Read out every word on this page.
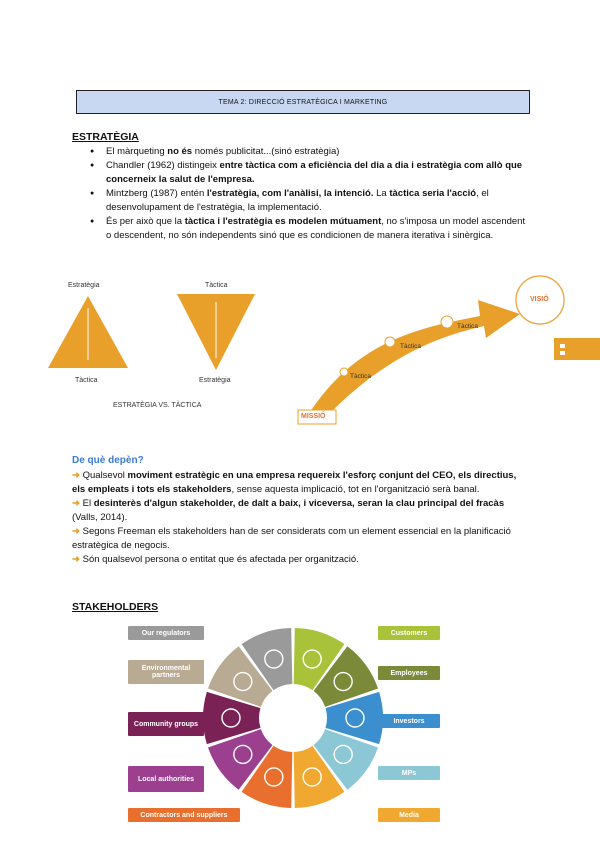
TEMA 2: DIRECCIÓ ESTRATÈGICA I MARKETING
ESTRATÈGIA
● El màrqueting no és només publicitat...(sinó estratègia)
● Chandler (1962) distingeix entre tàctica com a eficiència del dia a dia i estratègia com allò que concerneix la salut de l'empresa.
● Mintzberg (1987) entén l'estratègia, com l'anàlisi, la intenció. La tàctica seria l'acció, el desenvolupament de l'estratègia, la implementació.
● És per això que la tàctica i l'estratègia es modelen mútuament, no s'imposa un model ascendent o descendent, no són independents sinó que es condicionen de manera iterativa i sinèrgica.
Estratègia
Tàctica
Tàctica
Estratègia
ESTRATÈGIA VS. TÀCTICA
MISSIÓ
VISIÓ
ESTRATÈGIA
Tàctica
Tàctica
Tàctica
De què depèn?
➜ Qualsevol moviment estratègic en una empresa requereix l'esforç conjunt del CEO, els directius, els empleats i tots els stakeholders, sense aquesta implicació, tot en l'organització serà banal.
➜ El desinterès d'algun stakeholder, de dalt a baix, i viceversa, seran la clau principal del fracàs (Valls, 2014).
➜ Segons Freeman els stakeholders han de ser considerats com un element essencial en la planificació estratègica de negocis.
➜ Són qualsevol persona o entitat que és afectada per organització.
STAKEHOLDERS
Our regulators
Environmental partners
Community groups
Local authorities
Contractors and suppliers
Customers
Employees
Investors
MPs
Media
